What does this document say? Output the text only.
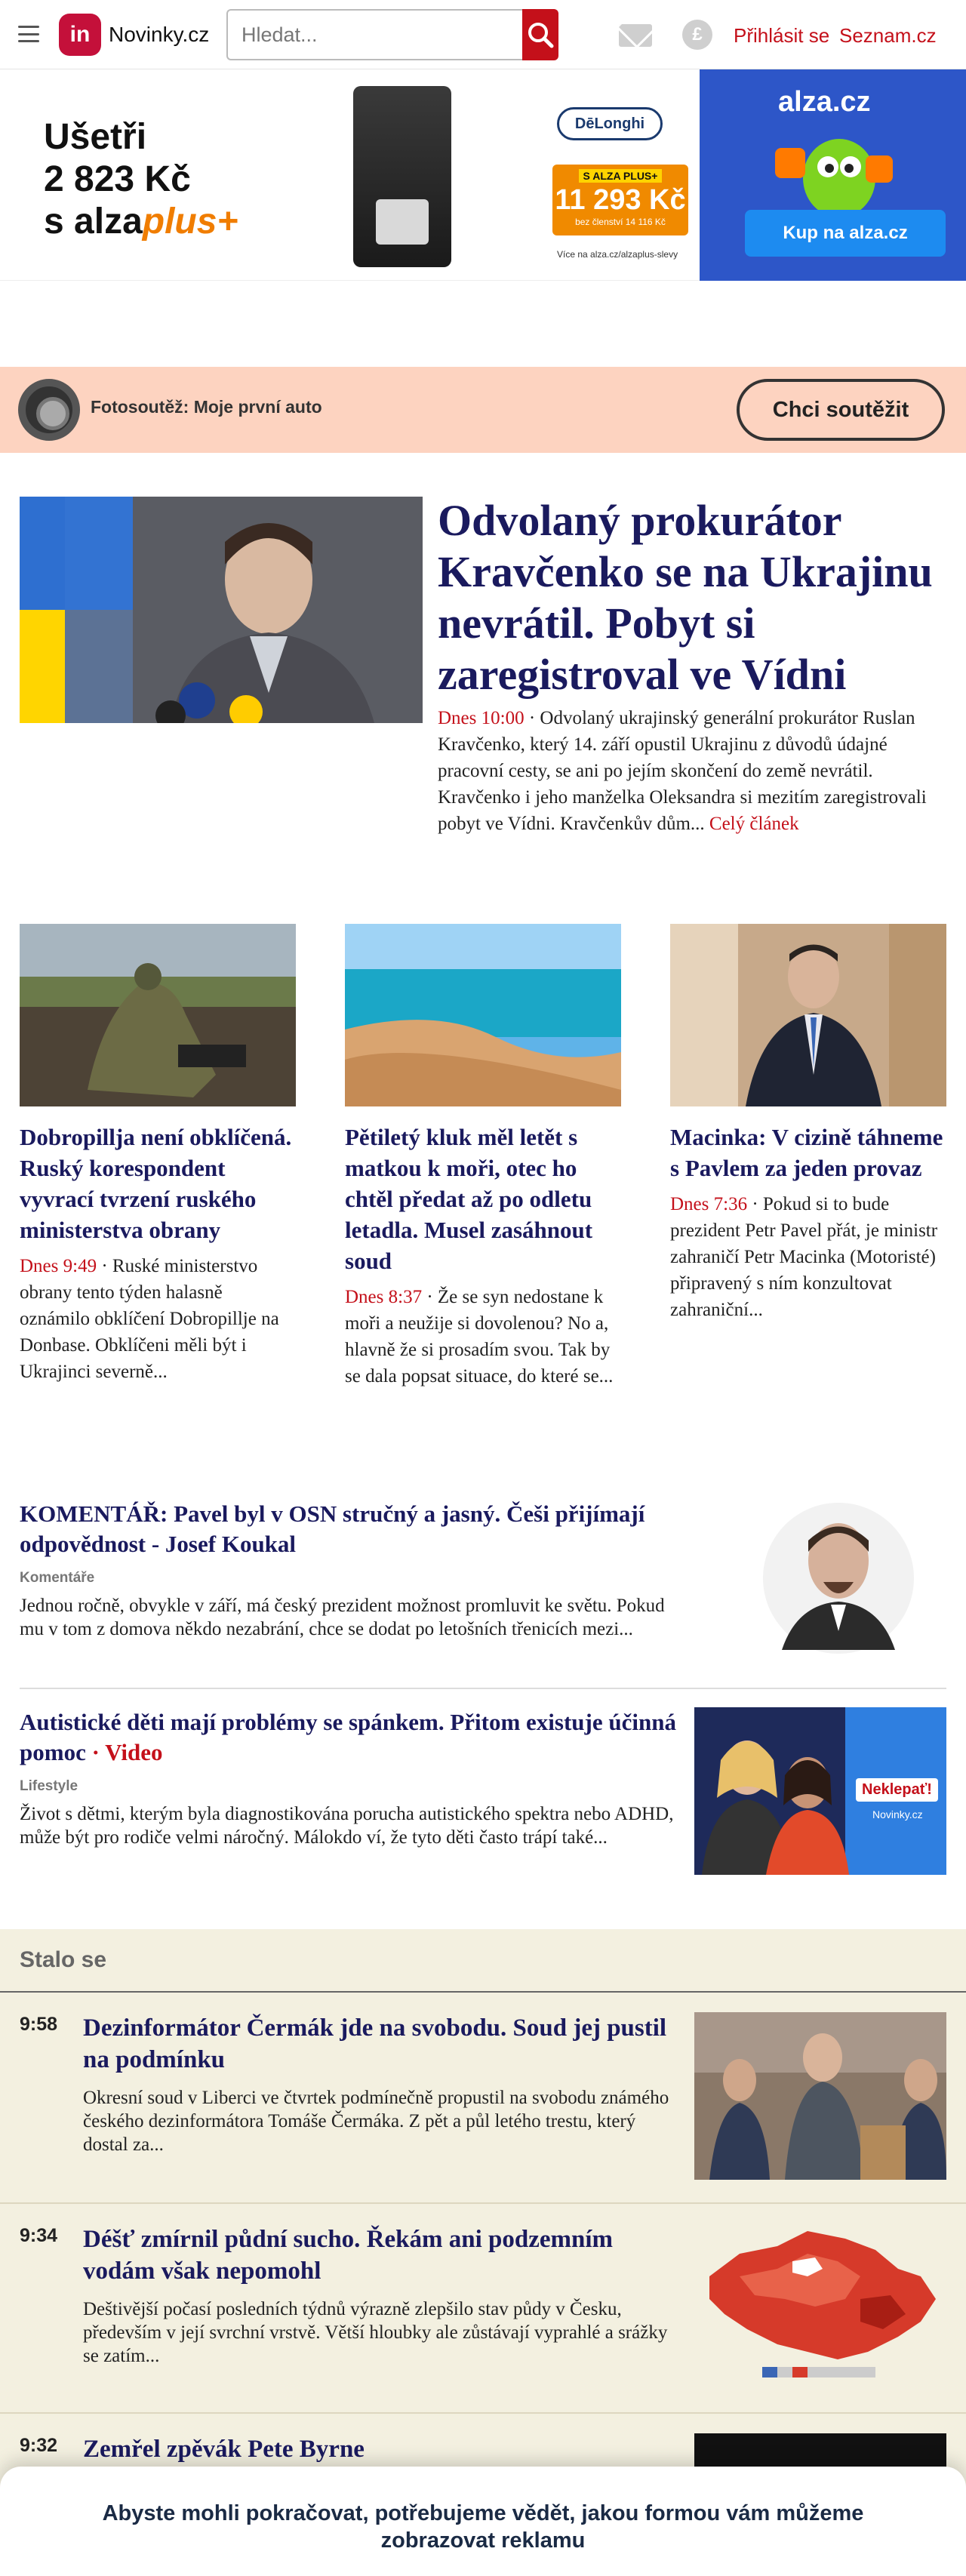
in Novinky.cz
Hledat...	£	Přihlásit se Seznam.cz
Ušetři
2 823 Kč
s alzaplus+
DēLonghi
S ALZA PLUS+
11 293 Kč
bez členství 14 116 Kč
Více na alza.cz/alzaplus-slevy
alza.cz
Kup na alza.cz
Fotosoutěž: Moje první auto	Chci soutěžit
Odvolaný prokurátor Kravčenko se na Ukrajinu nevrátil. Pobyt si zaregistroval ve Vídni

Dnes 10:00 · Odvolaný ukrajinský generální prokurátor Ruslan Kravčenko, který 14. září opustil Ukrajinu z důvodů údajné pracovní cesty, se ani po jejím skončení do země nevrátil. Kravčenko i jeho manželka Oleksandra si mezitím zaregistrovali pobyt ve Vídni. Kravčenkův dům... Celý článek

Dobropillja není obklíčená. Ruský korespondent vyvrací tvrzení ruského ministerstva obrany

Dnes 9:49 · Ruské ministerstvo obrany tento týden halasně oznámilo obklíčení Dobropillje na Donbase. Obklíčeni měli být i Ukrajinci severně...

Pětiletý kluk měl letět s matkou k moři, otec ho chtěl předat až po odletu letadla. Musel zasáhnout soud

Dnes 8:37 · Že se syn nedostane k moři a neužije si dovolenou? No a, hlavně že si prosadím svou. Tak by se dala popsat situace, do které se...

Macinka: V cizině táhneme s Pavlem za jeden provaz

Dnes 7:36 · Pokud si to bude prezident Petr Pavel přát, je ministr zahraničí Petr Macinka (Motoristé) připravený s ním konzultovat zahraniční...

KOMENTÁŘ: Pavel byl v OSN stručný a jasný. Češi přijímají odpovědnost - Josef Koukal
Komentáře

Jednou ročně, obvykle v září, má český prezident možnost promluvit ke světu. Pokud mu v tom z domova někdo nezabrání, chce se dodat po letošních třenicích mezi...

Autistické děti mají problémy se spánkem. Přitom existuje účinná pomoc · Video
Lifestyle

Život s dětmi, kterým byla diagnostikována porucha autistického spektra nebo ADHD, může být pro rodiče velmi náročný. Málokdo ví, že tyto děti často trápí také...

Neklepať!
Novinky.cz
Stalo se
9:58 Dezinformátor Čermák jde na svobodu. Soud jej pustil na podmínku

Okresní soud v Liberci ve čtvrtek podmínečně propustil na svobodu známého českého dezinformátora Tomáše Čermáka. Z pět a půl letého trestu, který dostal za...

9:34 Déšť zmírnil půdní sucho. Řekám ani podzemním vodám však nepomohl

Deštivější počasí posledních týdnů výrazně zlepšilo stav půdy v Česku, především v její svrchní vrstvě. Větší hloubky ale zůstávají vyprahlé a srážky se zatím...

9:32 Zemřel zpěvák Pete Byrne
Abyste mohli pokračovat, potřebujeme vědět, jakou formou vám můžeme zobrazovat reklamu
